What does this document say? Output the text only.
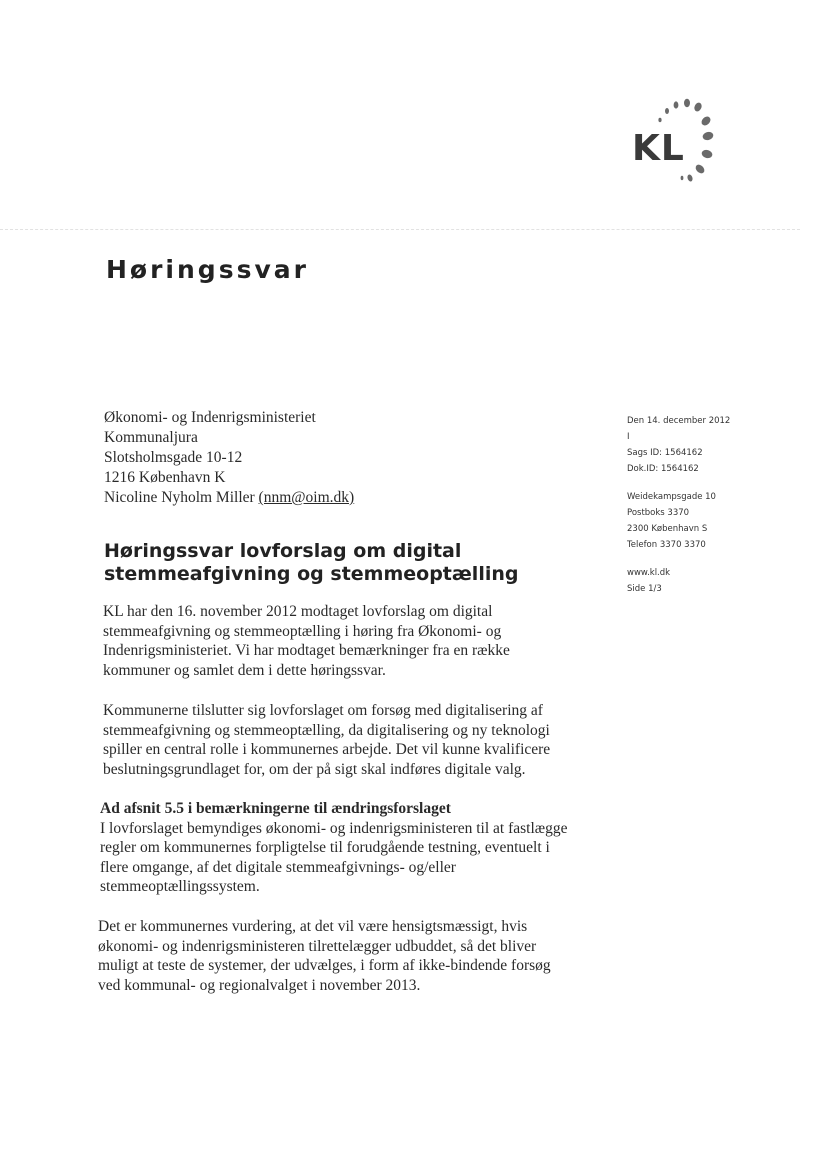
KL
Høringssvar
Økonomi- og Indenrigsministeriet
Kommunaljura
Slotsholmsgade 10-12
1216 København K
Nicoline Nyholm Miller (nnm@oim.dk)
Den 14. december 2012
I
Sags ID: 1564162
Dok.ID: 1564162
Weidekampsgade 10
Postboks 3370
2300 København S
Telefon 3370 3370
www.kl.dk
Side 1/3
Høringssvar lovforslag om digital
stemmeafgivning og stemmeoptælling
KL har den 16. november 2012 modtaget lovforslag om digital
stemmeafgivning og stemmeoptælling i høring fra Økonomi- og
Indenrigsministeriet. Vi har modtaget bemærkninger fra en række
kommuner og samlet dem i dette høringssvar.
Kommunerne tilslutter sig lovforslaget om forsøg med digitalisering af
stemmeafgivning og stemmeoptælling, da digitalisering og ny teknologi
spiller en central rolle i kommunernes arbejde. Det vil kunne kvalificere
beslutningsgrundlaget for, om der på sigt skal indføres digitale valg.
Ad afsnit 5.5 i bemærkningerne til ændringsforslaget
I lovforslaget bemyndiges økonomi- og indenrigsministeren til at fastlægge
regler om kommunernes forpligtelse til forudgående testning, eventuelt i
flere omgange, af det digitale stemmeafgivnings- og/eller
stemmeoptællingssystem.
Det er kommunernes vurdering, at det vil være hensigtsmæssigt, hvis
økonomi- og indenrigsministeren tilrettelægger udbuddet, så det bliver
muligt at teste de systemer, der udvælges, i form af ikke-bindende forsøg
ved kommunal- og regionalvalget i november 2013.
